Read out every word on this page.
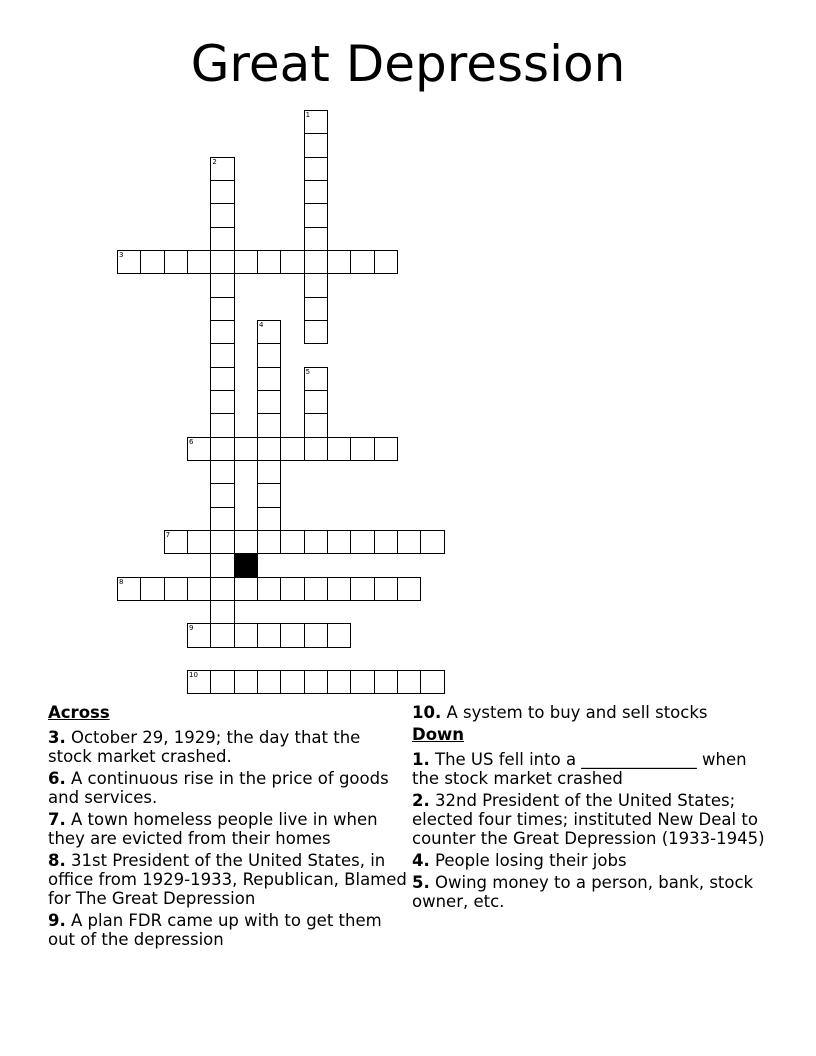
Great Depression
1
2
3
4
5
6
7
8
9
10
Across
3. October 29, 1929; the day that the stock market crashed.
6. A continuous rise in the price of goods and services.
7. A town homeless people live in when they are evicted from their homes
8. 31st President of the United States, in office from 1929-1933, Republican, Blamed for The Great Depression
9. A plan FDR came up with to get them out of the depression
10. A system to buy and sell stocks
Down
1. The US fell into a ______________ when the stock market crashed
2. 32nd President of the United States; elected four times; instituted New Deal to counter the Great Depression (1933-1945)
4. People losing their jobs
5. Owing money to a person, bank, stock owner, etc.
